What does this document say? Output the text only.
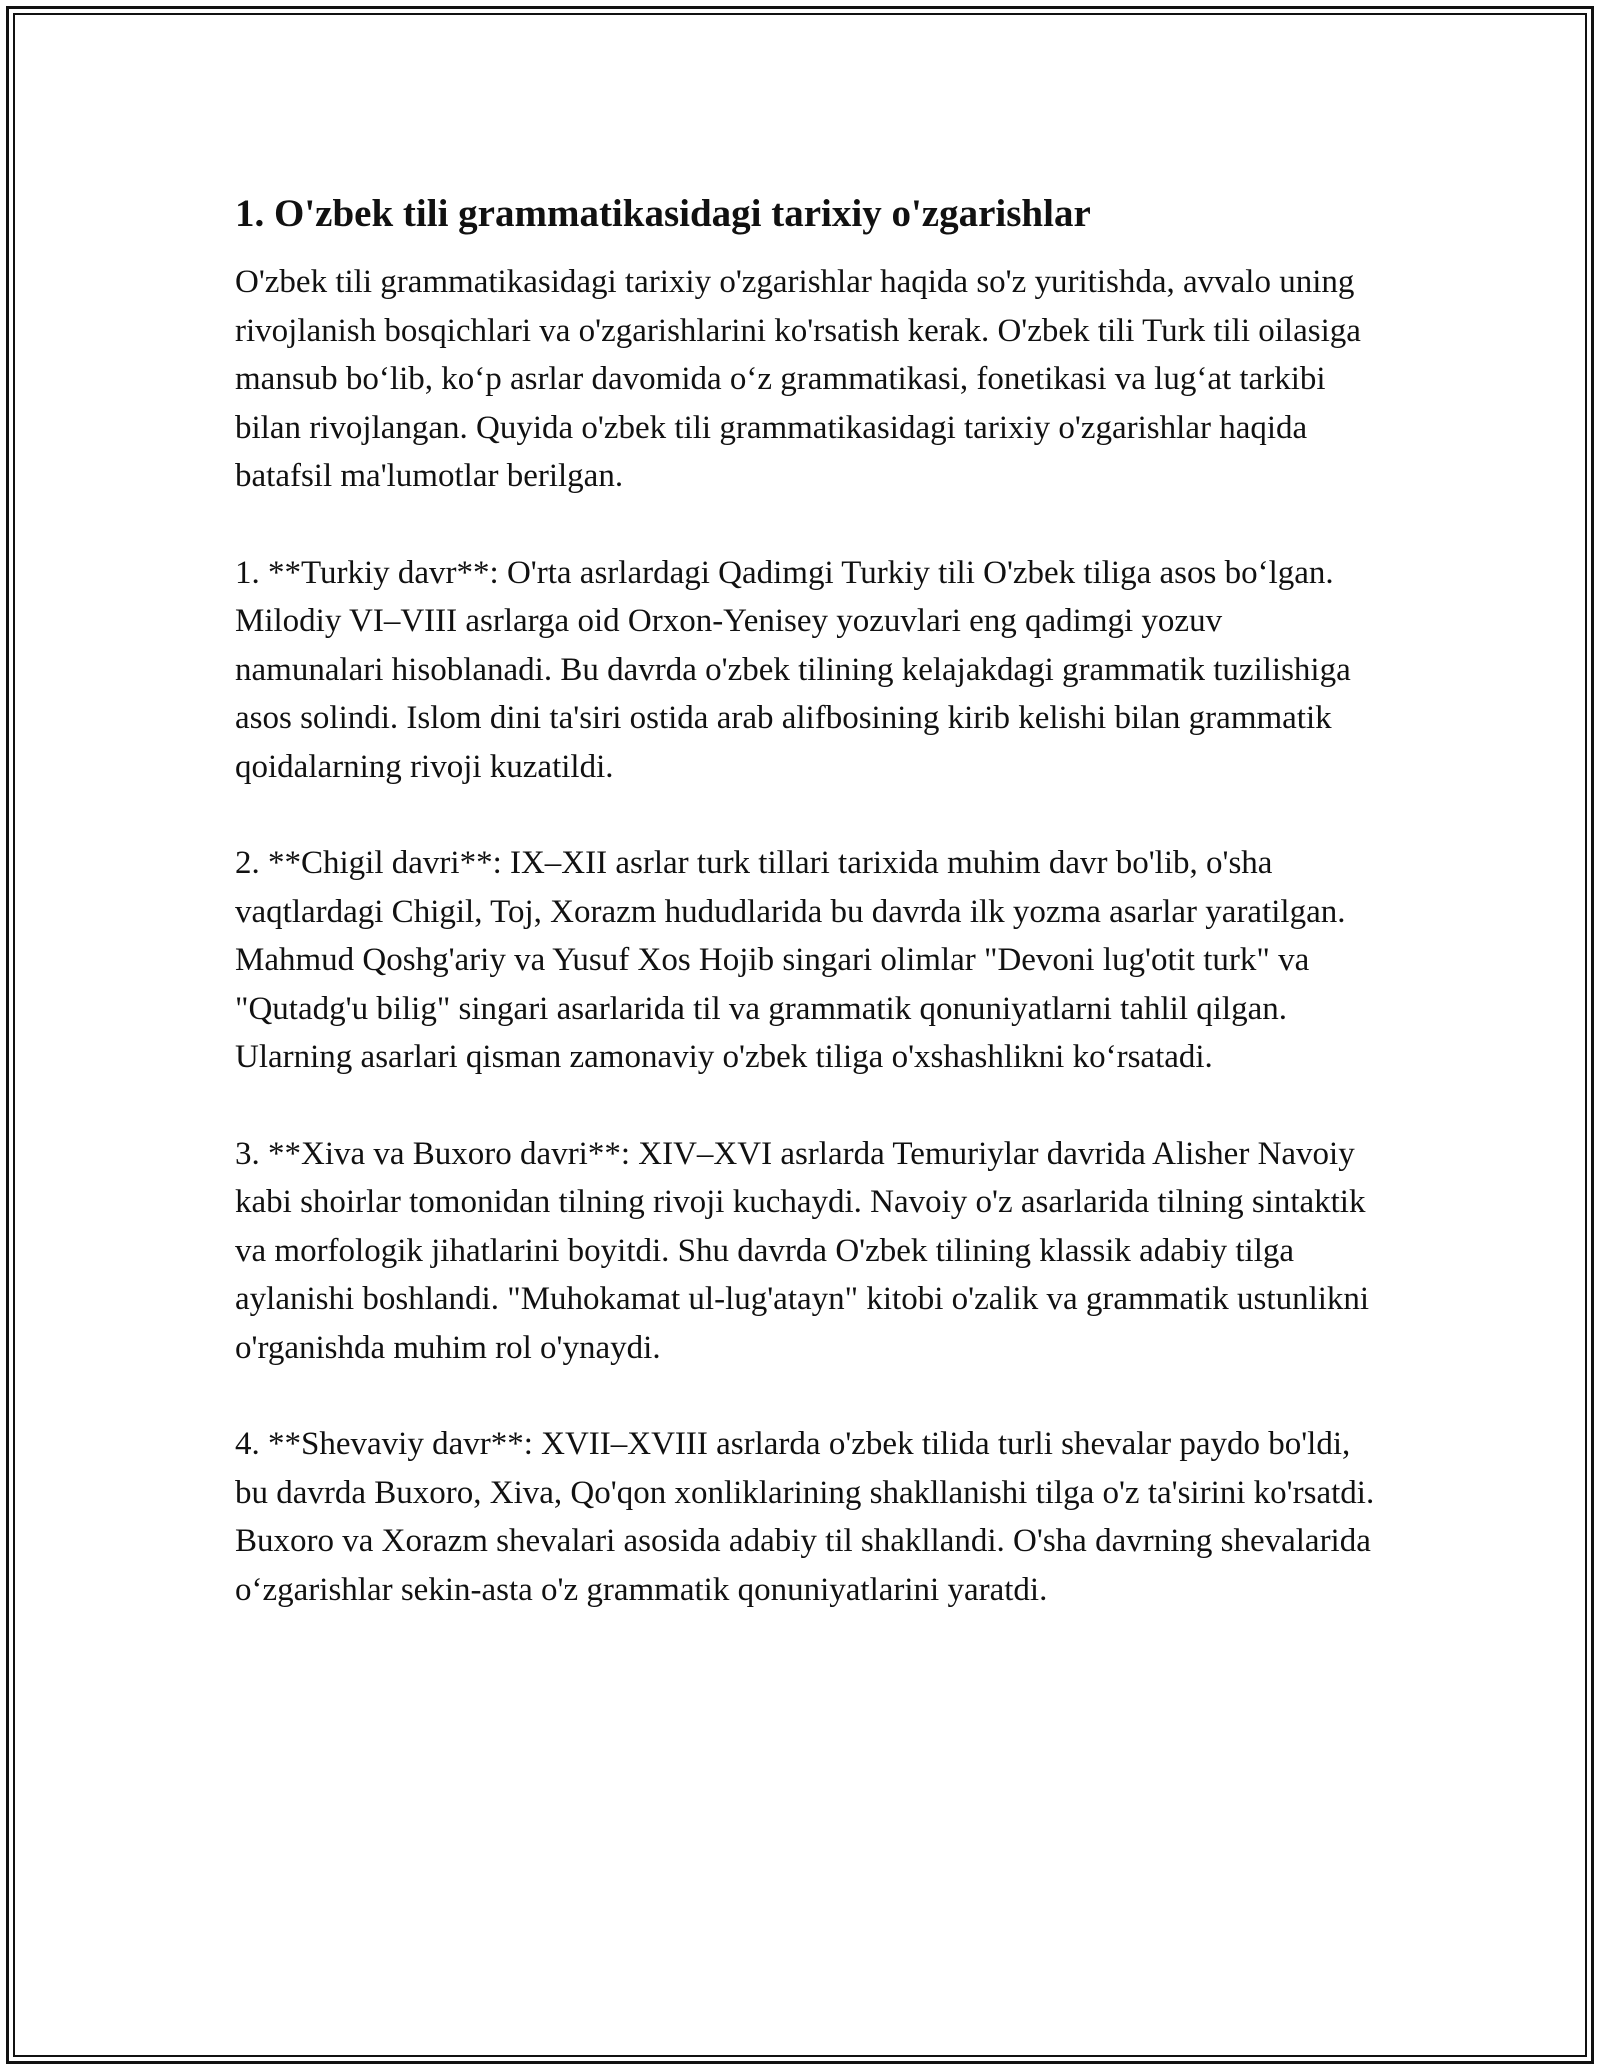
1. O'zbek tili grammatikasidagi tarixiy o'zgarishlar

O'zbek tili grammatikasidagi tarixiy o'zgarishlar haqida so'z yuritishda, avvalo uning rivojlanish bosqichlari va o'zgarishlarini ko'rsatish kerak. O'zbek tili Turk tili oilasiga mansub bo‘lib, ko‘p asrlar davomida o‘z grammatikasi, fonetikasi va lug‘at tarkibi bilan rivojlangan. Quyida o'zbek tili grammatikasidagi tarixiy o'zgarishlar haqida batafsil ma'lumotlar berilgan.

1. **Turkiy davr**: O'rta asrlardagi Qadimgi Turkiy tili O'zbek tiliga asos bo‘lgan. Milodiy VI–VIII asrlarga oid Orxon-Yenisey yozuvlari eng qadimgi yozuv namunalari hisoblanadi. Bu davrda o'zbek tilining kelajakdagi grammatik tuzilishiga asos solindi. Islom dini ta'siri ostida arab alifbosining kirib kelishi bilan grammatik qoidalarning rivoji kuzatildi.

2. **Chigil davri**: IX–XII asrlar turk tillari tarixida muhim davr bo'lib, o'sha vaqtlardagi Chigil, Toj, Xorazm hududlarida bu davrda ilk yozma asarlar yaratilgan. Mahmud Qoshg'ariy va Yusuf Xos Hojib singari olimlar "Devoni lug'otit turk" va "Qutadg'u bilig" singari asarlarida til va grammatik qonuniyatlarni tahlil qilgan. Ularning asarlari qisman zamonaviy o'zbek tiliga o'xshashlikni ko‘rsatadi.

3. **Xiva va Buxoro davri**: XIV–XVI asrlarda Temuriylar davrida Alisher Navoiy kabi shoirlar tomonidan tilning rivoji kuchaydi. Navoiy o'z asarlarida tilning sintaktik va morfologik jihatlarini boyitdi. Shu davrda O'zbek tilining klassik adabiy tilga aylanishi boshlandi. "Muhokamat ul-lug'atayn" kitobi o'zalik va grammatik ustunlikni o'rganishda muhim rol o'ynaydi.

4. **Shevaviy davr**: XVII–XVIII asrlarda o'zbek tilida turli shevalar paydo bo'ldi, bu davrda Buxoro, Xiva, Qo'qon xonliklarining shakllanishi tilga o'z ta'sirini ko'rsatdi. Buxoro va Xorazm shevalari asosida adabiy til shakllandi. O'sha davrning shevalarida o‘zgarishlar sekin-asta o'z grammatik qonuniyatlarini yaratdi.
